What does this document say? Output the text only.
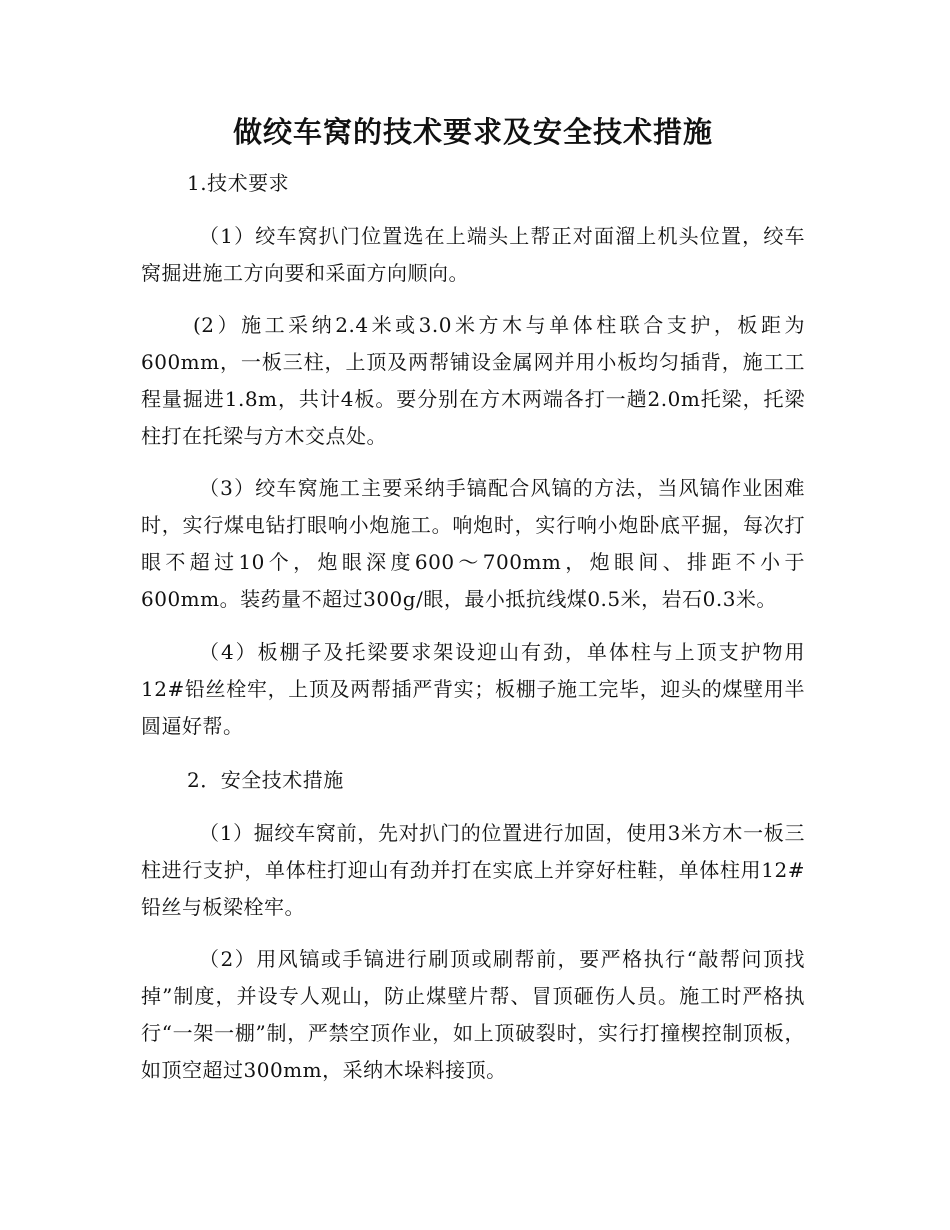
做绞车窝的技术要求及安全技术措施

1.技术要求

（1）绞车窝扒门位置选在上端头上帮正对面溜上机头位置，绞车窝掘进施工方向要和采面方向顺向。

(2）施工采纳2.4米或3.0米方木与单体柱联合支护，板距为600mm，一板三柱，上顶及两帮铺设金属网并用小板均匀插背，施工工程量掘进1.8m，共计4板。要分别在方木两端各打一趟2.0m托梁，托梁柱打在托梁与方木交点处。

（3）绞车窝施工主要采纳手镐配合风镐的方法，当风镐作业困难时，实行煤电钻打眼响小炮施工。响炮时，实行响小炮卧底平掘，每次打眼不超过10个，炮眼深度600～700mm，炮眼间、排距不小于600mm。装药量不超过300g/眼，最小抵抗线煤0.5米，岩石0.3米。

（4）板棚子及托梁要求架设迎山有劲，单体柱与上顶支护物用12#铅丝栓牢，上顶及两帮插严背实；板棚子施工完毕，迎头的煤壁用半圆逼好帮。

2．安全技术措施

（1）掘绞车窝前，先对扒门的位置进行加固，使用3米方木一板三柱进行支护，单体柱打迎山有劲并打在实底上并穿好柱鞋，单体柱用12#铅丝与板梁栓牢。

（2）用风镐或手镐进行刷顶或刷帮前，要严格执行“敲帮问顶找掉”制度，并设专人观山，防止煤壁片帮、冒顶砸伤人员。施工时严格执行“一架一棚”制，严禁空顶作业，如上顶破裂时，实行打撞楔控制顶板，如顶空超过300mm，采纳木垛料接顶。
